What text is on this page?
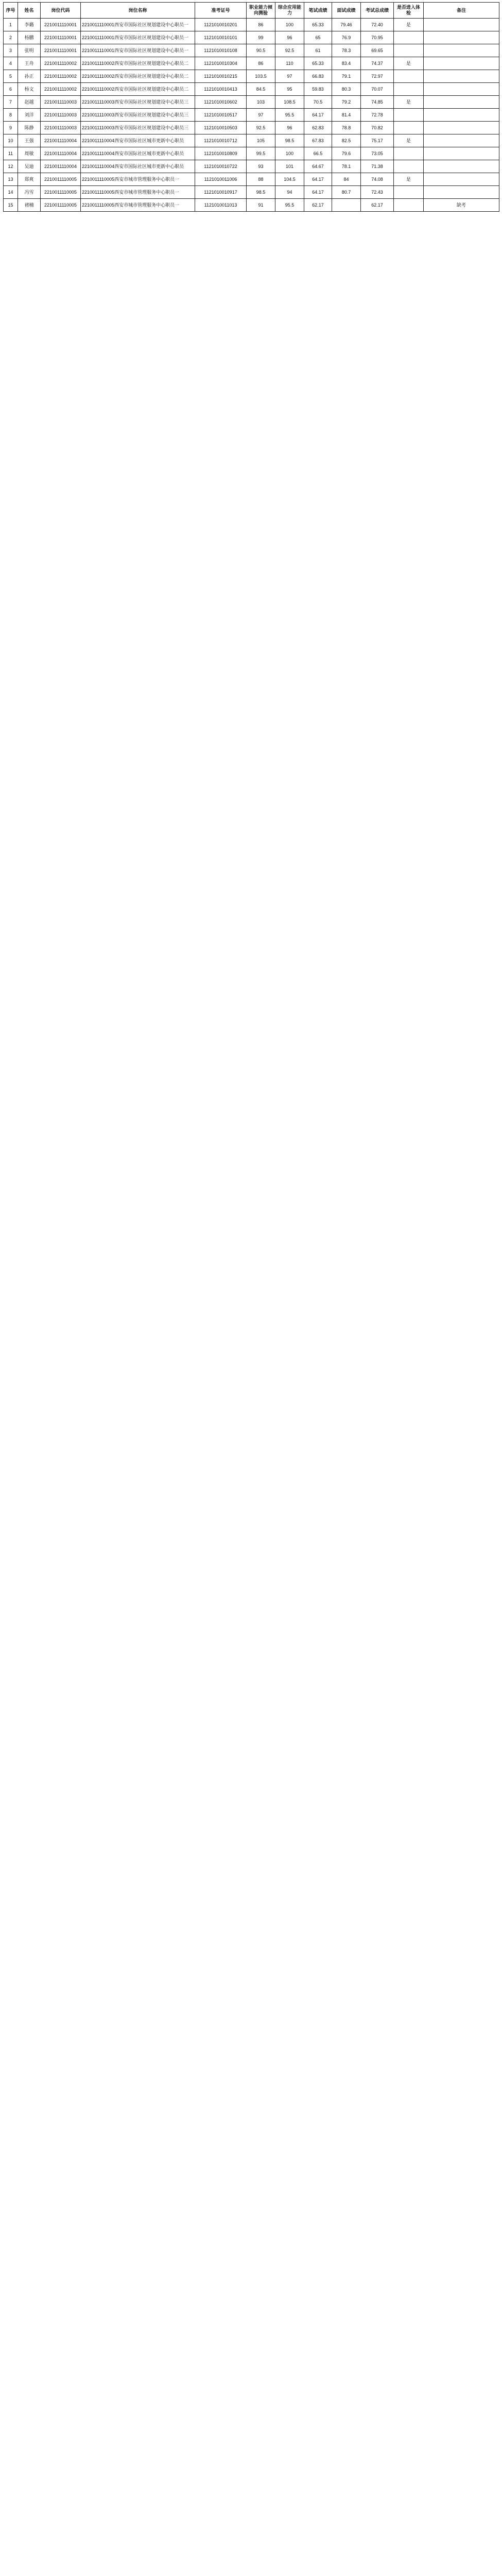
序号	姓名	岗位代码	岗位名称	准考证号	职业能力倾向测验	综合应用能力	笔试成绩	面试成绩	考试总成绩	是否进入体检	备注
1	李璐	2210011110001	2210011110001西安市国际社区规划建设中心职员一	1121010010201	86	100	65.33	79.46	72.40	是	
2	杨鹏	2210011110001	2210011110001西安市国际社区规划建设中心职员一	1121010010101	99	96	65	76.9	70.95		
3	张明	2210011110001	2210011110001西安市国际社区规划建设中心职员一	1121010010108	90.5	92.5	61	78.3	69.65		
4	王舟	2210011110002	2210011110002西安市国际社区规划建设中心职员二	1121010010304	86	110	65.33	83.4	74.37	是	
5	孙正	2210011110002	2210011110002西安市国际社区规划建设中心职员二	1121010010215	103.5	97	66.83	79.1	72.97		
6	杨文	2210011110002	2210011110002西安市国际社区规划建设中心职员二	1121010010413	84.5	95	59.83	80.3	70.07		
7	赵越	2210011110003	2210011110003西安市国际社区规划建设中心职员三	1121010010602	103	108.5	70.5	79.2	74.85	是	
8	刘洋	2210011110003	2210011110003西安市国际社区规划建设中心职员三	1121010010517	97	95.5	64.17	81.4	72.78		
9	陈静	2210011110003	2210011110003西安市国际社区规划建设中心职员三	1121010010503	92.5	96	62.83	78.8	70.82		
10	王强	2210011110004	2210011110004西安市国际社区城市更新中心职员	1121010010712	105	98.5	67.83	82.5	75.17	是	
11	周敏	2210011110004	2210011110004西安市国际社区城市更新中心职员	1121010010809	99.5	100	66.5	79.6	73.05		
12	吴迪	2210011110004	2210011110004西安市国际社区城市更新中心职员	1121010010722	93	101	64.67	78.1	71.38		
13	郑爽	2210011110005	2210011110005西安市城市管理服务中心职员一	1121010011006	88	104.5	64.17	84	74.08	是	
14	冯雪	2210011110005	2210011110005西安市城市管理服务中心职员一	1121010010917	98.5	94	64.17	80.7	72.43		
15	褚楠	2210011110005	2210011110005西安市城市管理服务中心职员一	1121010011013	91	95.5	62.17		62.17		缺考
